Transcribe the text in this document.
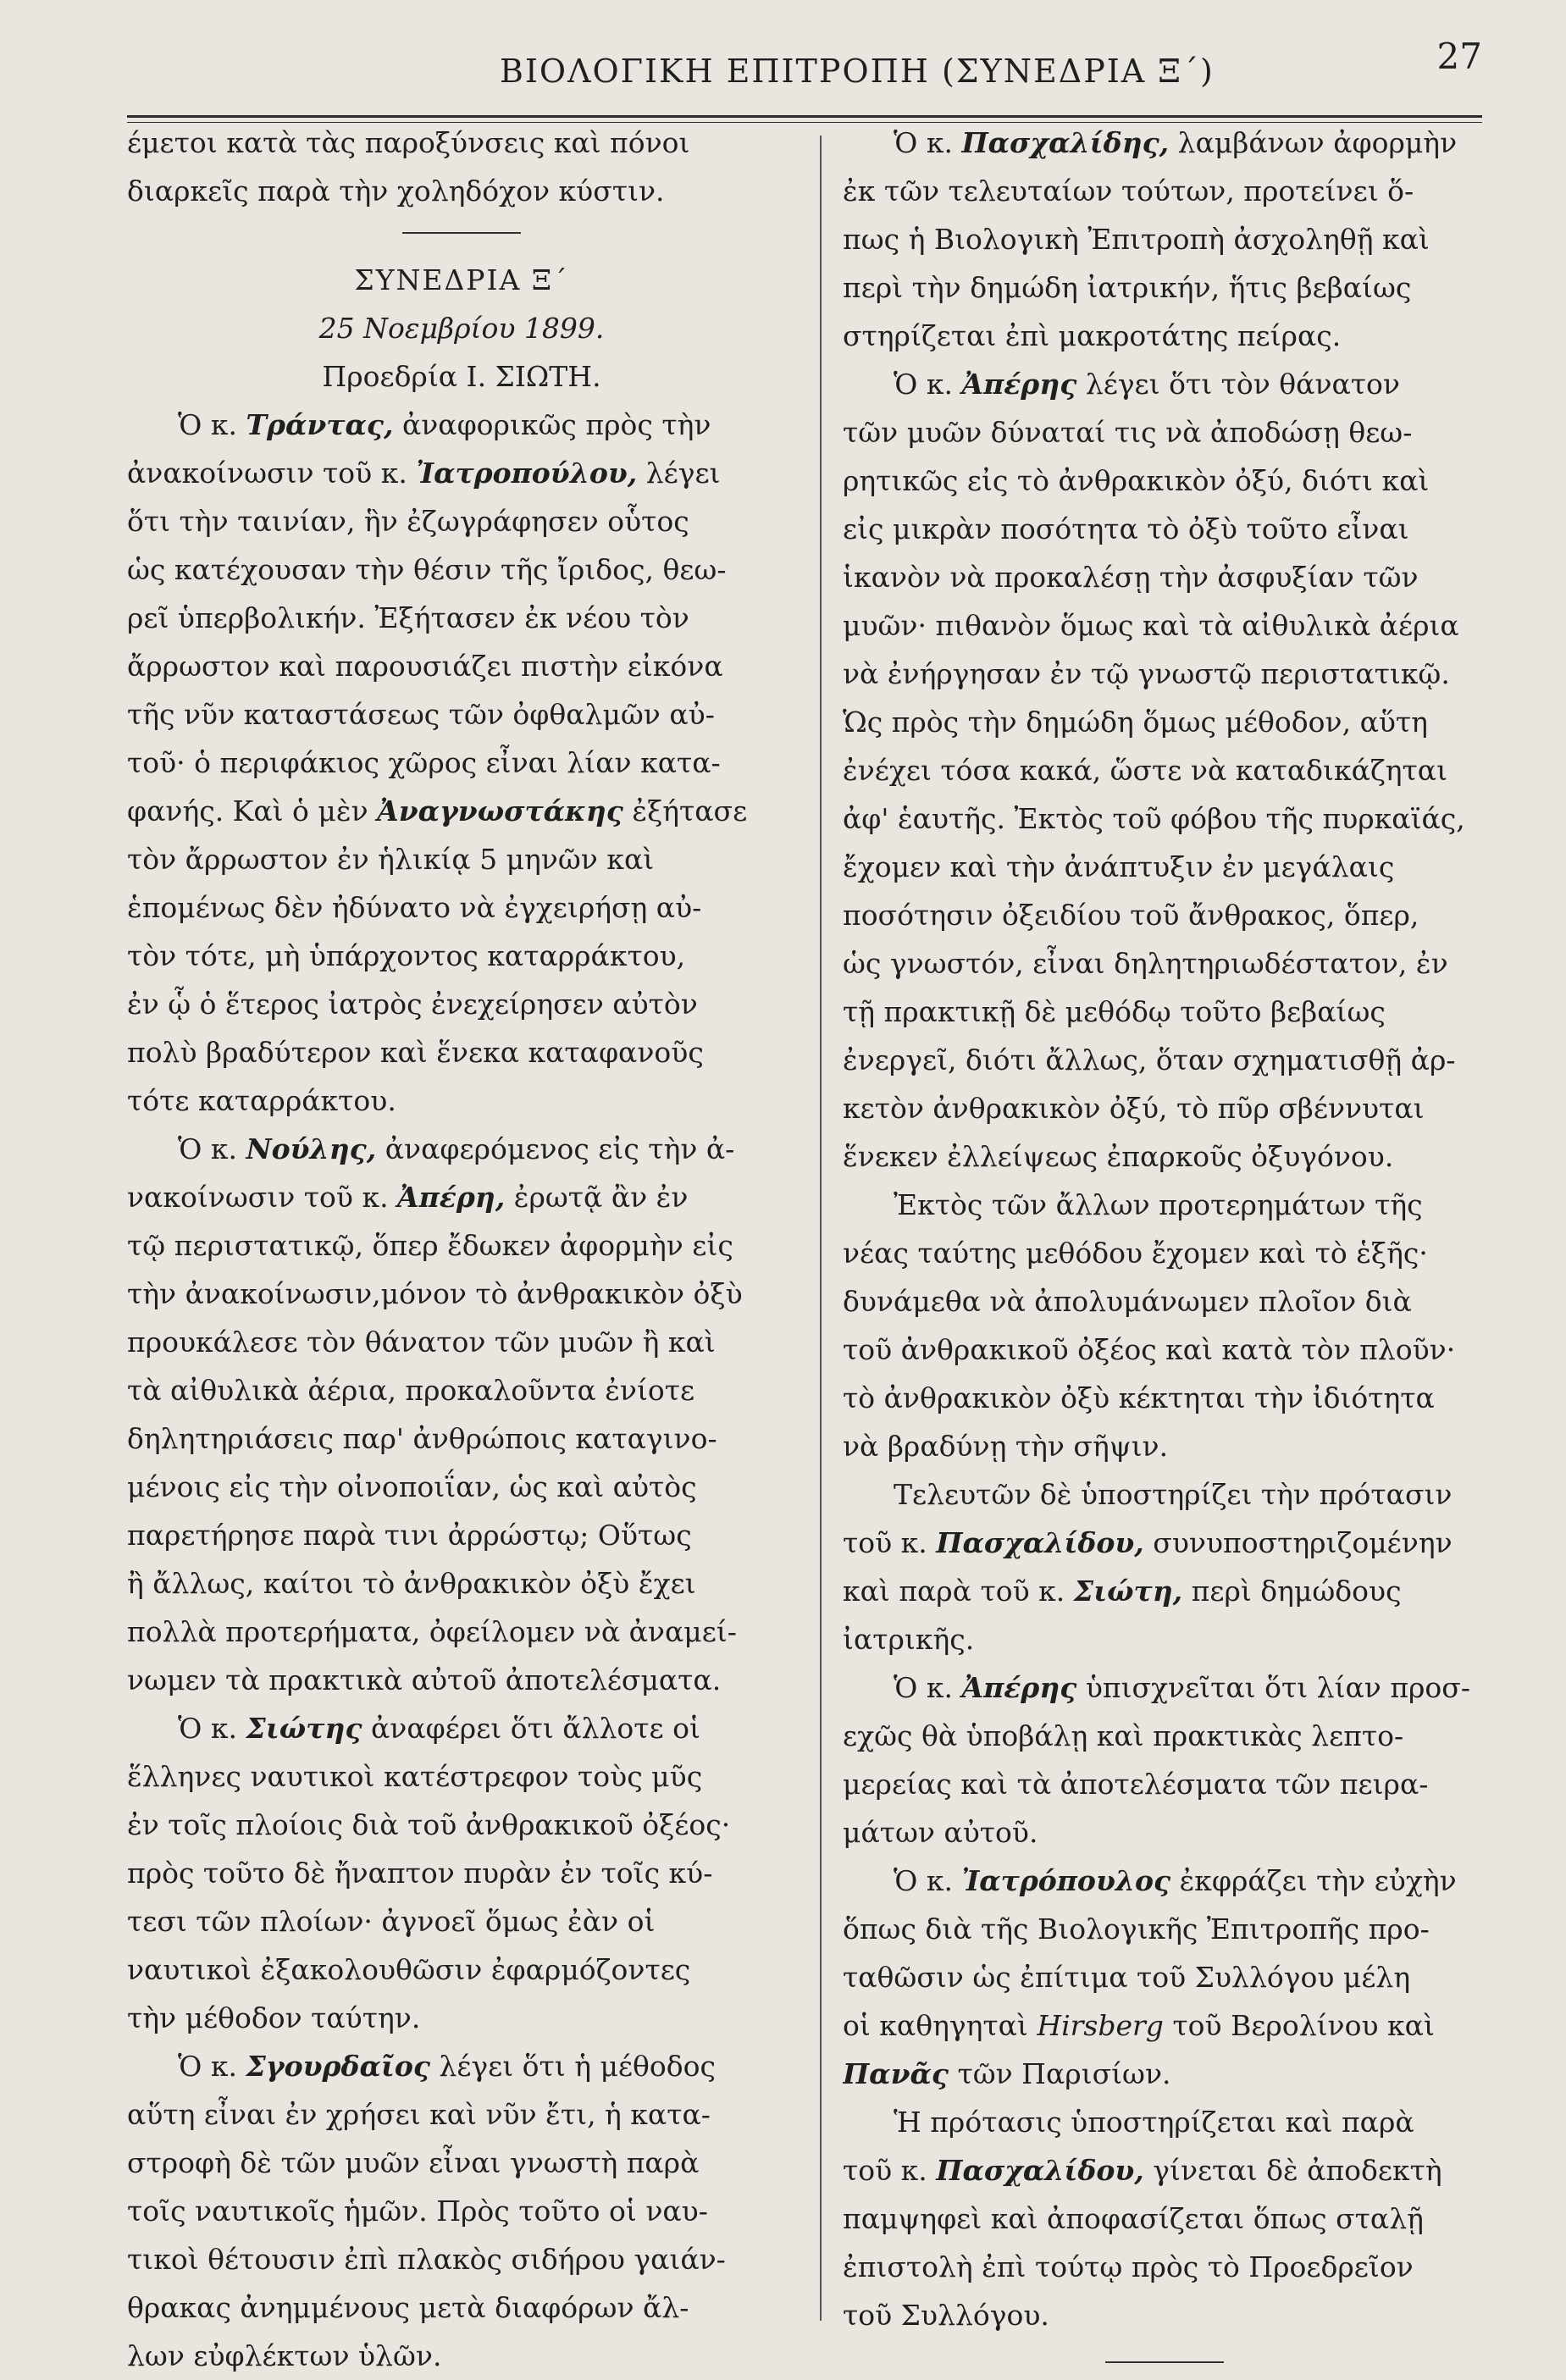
ΒΙΟΛΟΓΙΚΗ ΕΠΙΤΡΟΠΗ (ΣΥΝΕΔΡΙΑ Ξ΄)	27

έμετοι κατὰ τὰς παροξύνσεις καὶ πόνοι

διαρκεῖς παρὰ τὴν χοληδόχον κύστιν.

ΣΥΝΕΔΡΙΑ Ξ΄

25 Νοεμβρίου 1899.

Προεδρία Ι. ΣΙΩΤΗ.

Ὁ κ. Τράντας, ἀναφορικῶς πρὸς τὴν

ἀνακοίνωσιν τοῦ κ. Ἰατροπούλου, λέγει

ὅτι τὴν ταινίαν, ἣν ἐζωγράφησεν οὗτος

ὡς κατέχουσαν τὴν θέσιν τῆς ἴριδος, θεω-

ρεῖ ὑπερβολικήν. Ἐξήτασεν ἐκ νέου τὸν

ἄρρωστον καὶ παρουσιάζει πιστὴν εἰκόνα

τῆς νῦν καταστάσεως τῶν ὀφθαλμῶν αὐ-

τοῦ· ὁ περιφάκιος χῶρος εἶναι λίαν κατα-

φανής. Καὶ ὁ μὲν Ἀναγνωστάκης ἐξήτασε

τὸν ἄρρωστον ἐν ἡλικίᾳ 5 μηνῶν καὶ

ἑπομένως δὲν ἠδύνατο νὰ ἐγχειρήσῃ αὐ-

τὸν τότε, μὴ ὑπάρχοντος καταρράκτου,

ἐν ᾧ ὁ ἕτερος ἰατρὸς ἐνεχείρησεν αὐτὸν

πολὺ βραδύτερον καὶ ἕνεκα καταφανοῦς

τότε καταρράκτου.

Ὁ κ. Νούλης, ἀναφερόμενος εἰς τὴν ἀ-

νακοίνωσιν τοῦ κ. Ἀπέρη, ἐρωτᾷ ἂν ἐν

τῷ περιστατικῷ, ὅπερ ἔδωκεν ἀφορμὴν εἰς

τὴν ἀνακοίνωσιν,μόνον τὸ ἀνθρακικὸν ὀξὺ

προυκάλεσε τὸν θάνατον τῶν μυῶν ἢ καὶ

τὰ αἰθυλικὰ ἀέρια, προκαλοῦντα ἐνίοτε

δηλητηριάσεις παρ' ἀνθρώποις καταγινο-

μένοις εἰς τὴν οἰνοποιΐαν, ὡς καὶ αὐτὸς

παρετήρησε παρὰ τινι ἀρρώστῳ; Οὕτως

ἢ ἄλλως, καίτοι τὸ ἀνθρακικὸν ὀξὺ ἔχει

πολλὰ προτερήματα, ὀφείλομεν νὰ ἀναμεί-

νωμεν τὰ πρακτικὰ αὐτοῦ ἀποτελέσματα.

Ὁ κ. Σιώτης ἀναφέρει ὅτι ἄλλοτε οἱ

ἕλληνες ναυτικοὶ κατέστρεφον τοὺς μῦς

ἐν τοῖς πλοίοις διὰ τοῦ ἀνθρακικοῦ ὀξέος·

πρὸς τοῦτο δὲ ἤναπτον πυρὰν ἐν τοῖς κύ-

τεσι τῶν πλοίων· ἀγνοεῖ ὅμως ἐὰν οἱ

ναυτικοὶ ἐξακολουθῶσιν ἐφαρμόζοντες

τὴν μέθοδον ταύτην.

Ὁ κ. Σγουρδαῖος λέγει ὅτι ἡ μέθοδος

αὕτη εἶναι ἐν χρήσει καὶ νῦν ἔτι, ἡ κατα-

στροφὴ δὲ τῶν μυῶν εἶναι γνωστὴ παρὰ

τοῖς ναυτικοῖς ἡμῶν. Πρὸς τοῦτο οἱ ναυ-

τικοὶ θέτουσιν ἐπὶ πλακὸς σιδήρου γαιάν-

θρακας ἀνημμένους μετὰ διαφόρων ἄλ-

λων εὐφλέκτων ὑλῶν.

Ὁ κ. Πασχαλίδης, λαμβάνων ἀφορμὴν

ἐκ τῶν τελευταίων τούτων, προτείνει ὅ-

πως ἡ Βιολογικὴ Ἐπιτροπὴ ἀσχοληθῇ καὶ

περὶ τὴν δημώδη ἰατρικήν, ἥτις βεβαίως

στηρίζεται ἐπὶ μακροτάτης πείρας.

Ὁ κ. Ἀπέρης λέγει ὅτι τὸν θάνατον

τῶν μυῶν δύναταί τις νὰ ἀποδώσῃ θεω-

ρητικῶς εἰς τὸ ἀνθρακικὸν ὀξύ, διότι καὶ

εἰς μικρὰν ποσότητα τὸ ὀξὺ τοῦτο εἶναι

ἱκανὸν νὰ προκαλέσῃ τὴν ἀσφυξίαν τῶν

μυῶν· πιθανὸν ὅμως καὶ τὰ αἰθυλικὰ ἀέρια

νὰ ἐνήργησαν ἐν τῷ γνωστῷ περιστατικῷ.

Ὡς πρὸς τὴν δημώδη ὅμως μέθοδον, αὕτη

ἐνέχει τόσα κακά, ὥστε νὰ καταδικάζηται

ἀφ' ἑαυτῆς. Ἐκτὸς τοῦ φόβου τῆς πυρκαϊάς,

ἔχομεν καὶ τὴν ἀνάπτυξιν ἐν μεγάλαις

ποσότησιν ὀξειδίου τοῦ ἄνθρακος, ὅπερ,

ὡς γνωστόν, εἶναι δηλητηριωδέστατον, ἐν

τῇ πρακτικῇ δὲ μεθόδῳ τοῦτο βεβαίως

ἐνεργεῖ, διότι ἄλλως, ὅταν σχηματισθῇ ἀρ-

κετὸν ἀνθρακικὸν ὀξύ, τὸ πῦρ σβέννυται

ἕνεκεν ἐλλείψεως ἐπαρκοῦς ὀξυγόνου.

Ἐκτὸς τῶν ἄλλων προτερημάτων τῆς

νέας ταύτης μεθόδου ἔχομεν καὶ τὸ ἑξῆς·

δυνάμεθα νὰ ἀπολυμάνωμεν πλοῖον διὰ

τοῦ ἀνθρακικοῦ ὀξέος καὶ κατὰ τὸν πλοῦν·

τὸ ἀνθρακικὸν ὀξὺ κέκτηται τὴν ἰδιότητα

νὰ βραδύνῃ τὴν σῆψιν.

Τελευτῶν δὲ ὑποστηρίζει τὴν πρότασιν

τοῦ κ. Πασχαλίδου, συνυποστηριζομένην

καὶ παρὰ τοῦ κ. Σιώτη, περὶ δημώδους

ἰατρικῆς.

Ὁ κ. Ἀπέρης ὑπισχνεῖται ὅτι λίαν προσ-

εχῶς θὰ ὑποβάλῃ καὶ πρακτικὰς λεπτο-

μερείας καὶ τὰ ἀποτελέσματα τῶν πειρα-

μάτων αὐτοῦ.

Ὁ κ. Ἰατρόπουλος ἐκφράζει τὴν εὐχὴν

ὅπως διὰ τῆς Βιολογικῆς Ἐπιτροπῆς προ-

ταθῶσιν ὡς ἐπίτιμα τοῦ Συλλόγου μέλη

οἱ καθηγηταὶ Hirsberg τοῦ Βερολίνου καὶ

Πανᾶς τῶν Παρισίων.

Ἡ πρότασις ὑποστηρίζεται καὶ παρὰ

τοῦ κ. Πασχαλίδου, γίνεται δὲ ἀποδεκτὴ

παμψηφεὶ καὶ ἀποφασίζεται ὅπως σταλῇ

ἐπιστολὴ ἐπὶ τούτῳ πρὸς τὸ Προεδρεῖον

τοῦ Συλλόγου.
